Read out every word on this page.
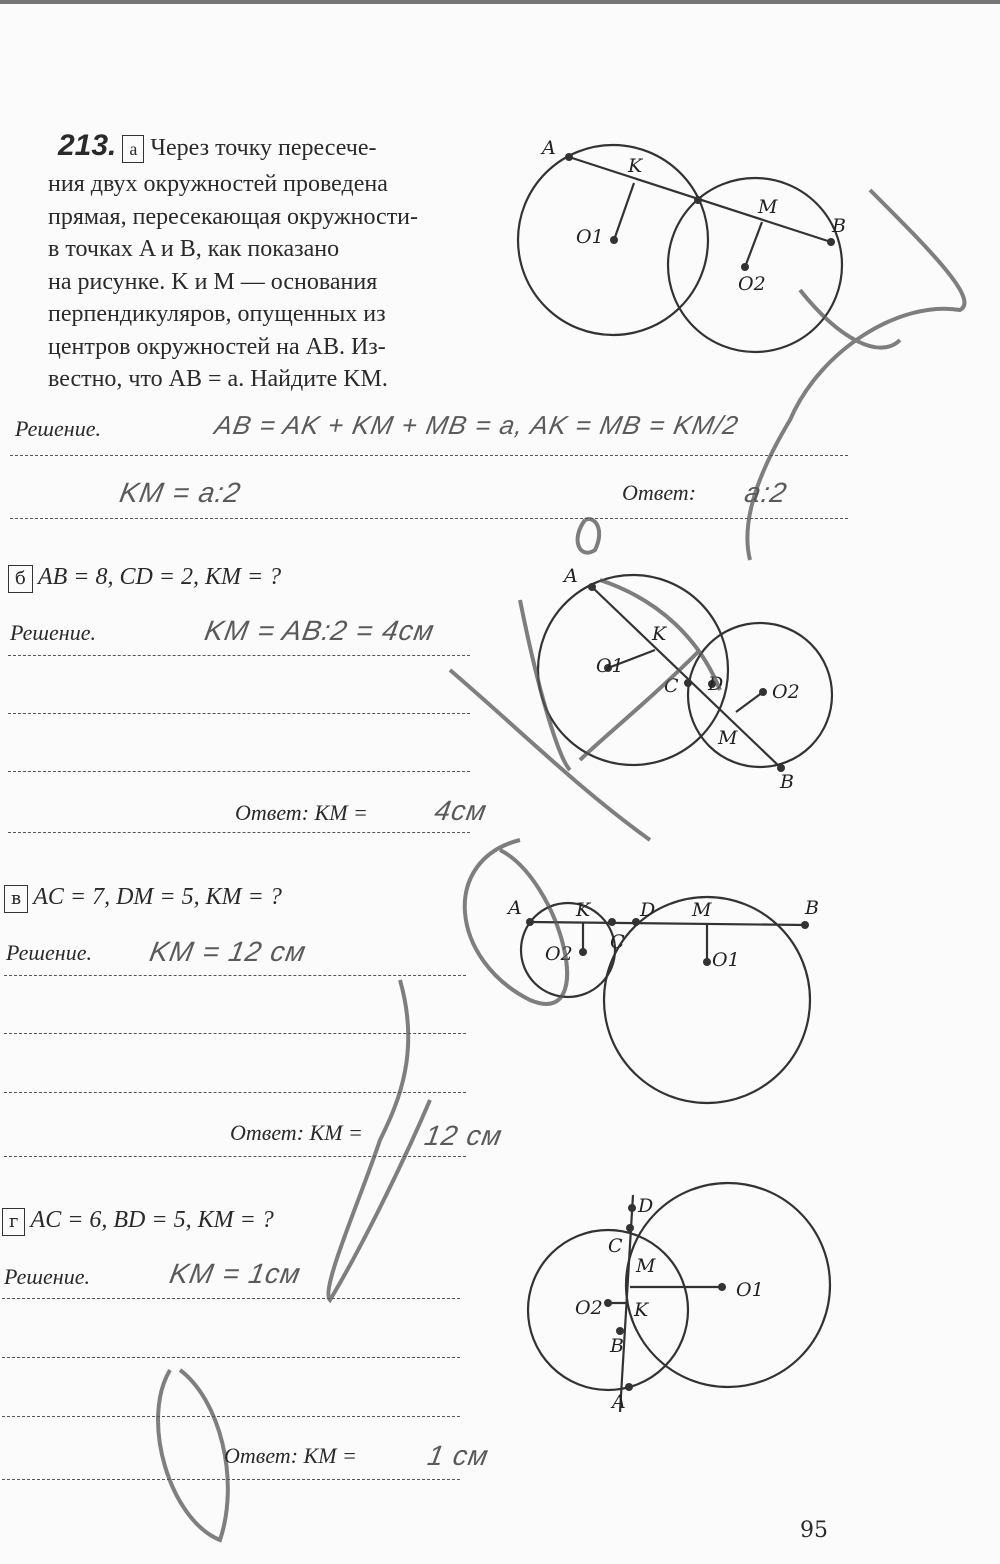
213. а Через точку пересече-
ния двух окружностей проведена
прямая, пересекающая окружности-
в точках A и B, как показано
на рисунке. K и M — основания
перпендикуляров, опущенных из
центров окружностей на AB. Из-
вестно, что AB = a. Найдите KM.
Решение.	AB = AK + KM + MB = a, AK = MB = KM/2
KM = a:2	Ответ: a:2
A
K
M
B
O1
O2
A
K
O1
C D	O2
M
B
A	K	D M	B
O2
C
O1
D
C
M
O1
O2 K
B
A
б AB = 8, CD = 2, KM = ?
Решение.	KM = AB:2 = 4см
Ответ: KM = 4см
в AC = 7, DM = 5, KM = ?
Решение. KM = 12 см
Ответ: KM = 12 см
г AC = 6, BD = 5, KM = ?
Решение.	KM = 1см
Ответ: KM = 1 см
95
